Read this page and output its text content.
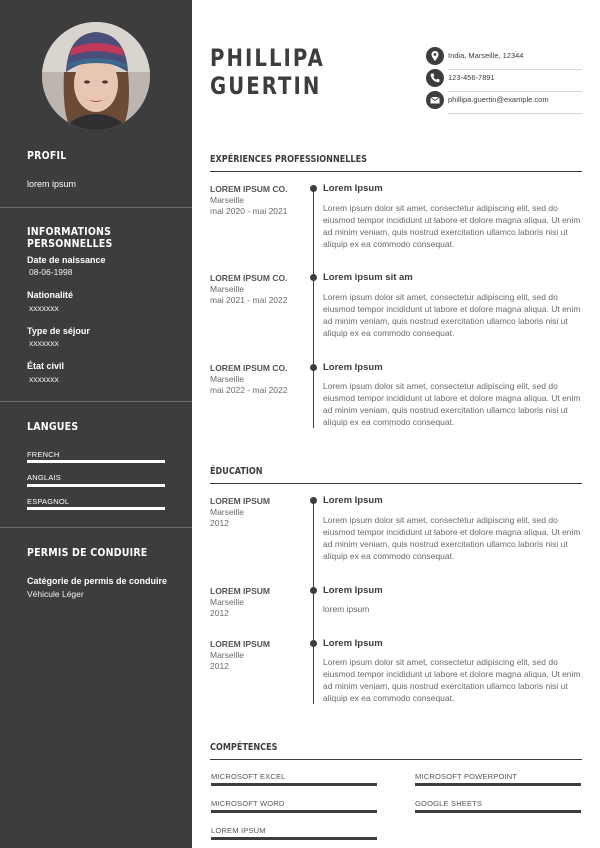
PROFIL
lorem ipsum
INFORMATIONS PERSONNELLES
Date de naissance
08-06-1998
Nationalité
xxxxxxx
Type de séjour
xxxxxxx
État civil
xxxxxxx
LANGUES
FRENCH
ANGLAIS
ESPAGNOL
PERMIS DE CONDUIRE
Catégorie de permis de conduire
Véhicule Léger
PHILLIPA
GUERTIN
India, Marseille, 12344
123-456-7891
phillipa.guertin@example.com
EXPÉRIENCES PROFESSIONNELLES
LOREM IPSUM CO.
Marseille
mai 2020 - mai 2021
Lorem Ipsum
Lorem ipsum dolor sit amet, consectetur adipiscing elit, sed do eiusmod tempor incididunt ut labore et dolore magna aliqua. Ut enim ad minim veniam, quis nostrud exercitation ullamco laboris nisi ut aliquip ex ea commodo consequat.
LOREM IPSUM CO.
Marseille
mai 2021 - mai 2022
Lorem ipsum sit am
Lorem ipsum dolor sit amet, consectetur adipiscing elit, sed do eiusmod tempor incididunt ut labore et dolore magna aliqua. Ut enim ad minim veniam, quis nostrud exercitation ullamco laboris nisi ut aliquip ex ea commodo consequat.
LOREM IPSUM CO.
Marseille
mai 2022 - mai 2022
Lorem Ipsum
Lorem ipsum dolor sit amet, consectetur adipiscing elit, sed do eiusmod tempor incididunt ut labore et dolore magna aliqua. Ut enim ad minim veniam, quis nostrud exercitation ullamco laboris nisi ut aliquip ex ea commodo consequat.
ÉDUCATION
LOREM IPSUM
Marseille
2012
Lorem Ipsum
Lorem ipsum dolor sit amet, consectetur adipiscing elit, sed do eiusmod tempor incididunt ut labore et dolore magna aliqua. Ut enim ad minim veniam, quis nostrud exercitation ullamco laboris nisi ut aliquip ex ea commodo consequat.
LOREM IPSUM
Marseille
2012
Lorem Ipsum
lorem ipsum
LOREM IPSUM
Marseille
2012
Lorem Ipsum
Lorem ipsum dolor sit amet, consectetur adipiscing elit, sed do eiusmod tempor incididunt ut labore et dolore magna aliqua. Ut enim ad minim veniam, quis nostrud exercitation ullamco laboris nisi ut aliquip ex ea commodo consequat.
COMPÉTENCES
MICROSOFT EXCEL	MICROSOFT POWERPOINT
MICROSOFT WORD	GOOGLE SHEETS
LOREM IPSUM
